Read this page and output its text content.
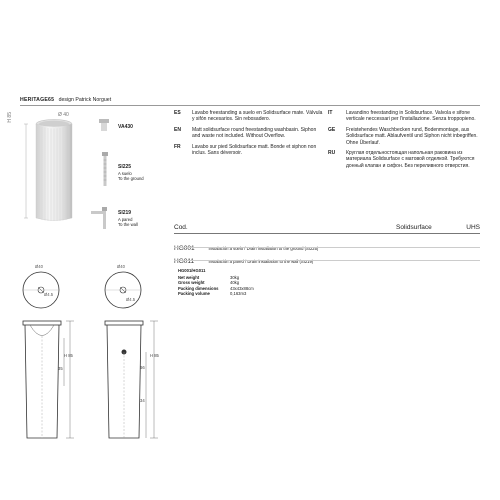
HERITAGE65 design Patrick Norguet
Ø 40
H 85
VA430
SI225
A suelo
To the ground
SI219
A pared
To the wall
ES	Lavabo freestanding a suelo en Solidsurface mate. Válvula y sifón necesarios. Sin rebosadero.
EN	Matt solidsurface round freestanding washbasin. Siphon and waste not included. Without Overflow.
FR	Lavabo sur pied Solidsurface matt. Bonde et siphon non inclus. Sans déversoir.
IT	Lavandino freestanding in Solidsurface. Valvola e sifone verticale neccessari per l'installazione. Senza troppopieno.
GE	Freistehendes Waschbecken rund, Bodenmontage, aus Solidsurface matt. Ablaufventil und Siphon nicht inbegriffen. Ohne Überlauf.
RU	Круглая отдельностоящая напольная раковина из материала Solidsurface с матовой отделкой. Требуются донный клапан и сифон. Без переливного отверстия.
Cod.	Solidsurface	UHS
HG001	Instalación a suelo / Drain installation to the ground (SI225)
HG011	Instalación a pared / Drain installation to the wall (SI219)
HG001/HG011
Net weight	30kg
Gross weight	40kg
Packing dimensions	43x43x88cm
Packing volume	0,163m3
Ø40
Ø4.5
Ø40
Ø4.5
H 85
35
H 85
66
34
